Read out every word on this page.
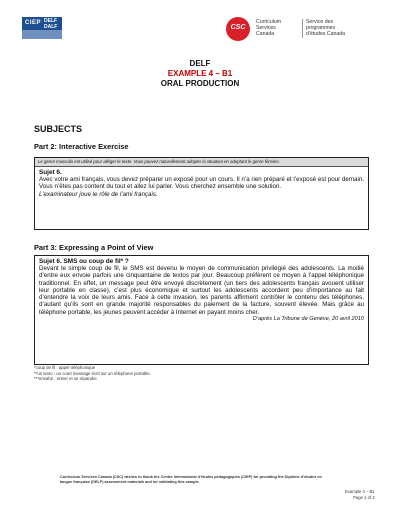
CIEP DELF DALF	CSC
Curriculum
Services
Canada
Service des
programmes
d'études Canada
DELF
EXAMPLE 4 – B1
ORAL PRODUCTION
SUBJECTS
Part 2: Interactive Exercise
Le genre masculin est utilisé pour alléger le texte. Vous pouvez naturellement adopter la situation en adoptant le genre féminin.
Sujet 6.
Avec votre ami français, vous devez préparer un exposé pour un cours. Il n’a rien préparé et l’exposé est pour demain. Vous n’êtes pas content du tout et allez lui parler. Vous cherchez ensemble une solution.
L’examinateur joue le rôle de l’ami français.
Part 3: Expressing a Point of View
Sujet 6. SMS ou coup de fil* ?
Devant le simple coup de fil, le SMS est devenu le moyen de communication privilégié des adolescents. La moitié d’entre eux envoie parfois une cinquantaine de textos par jour. Beaucoup préfèrent ce moyen à l’appel téléphonique traditionnel. En effet, un message peut être envoyé discrètement (un tiers des adolescents français avouent utiliser leur portable en classe), c’est plus économique et surtout les adolescents accordent peu d’importance au fait d’entendre la voix de leurs amis. Face à cette invasion, les parents affirment contrôler le contenu des téléphones, d’autant qu’ils sont en grande majorité responsables du paiement de la facture, souvent élevée. Mais grâce au téléphone portable, les jeunes peuvent accéder à Internet en payant moins cher.
D’après La Tribune de Genève, 20 avril 2010
*coup de fil : appel téléphonique
**un texto : un court message écrit sur un téléphone portable.
***envahir : entrer et se répandre
Curriculum Services Canada (CSC) wishes to thank the Centre international d’études pédagogiques (CIEP) for providing the Diplôme d’études en langue française (DELF) assessment materials and for validating this sample.
Example 4 – B1
Page 1 of 3
